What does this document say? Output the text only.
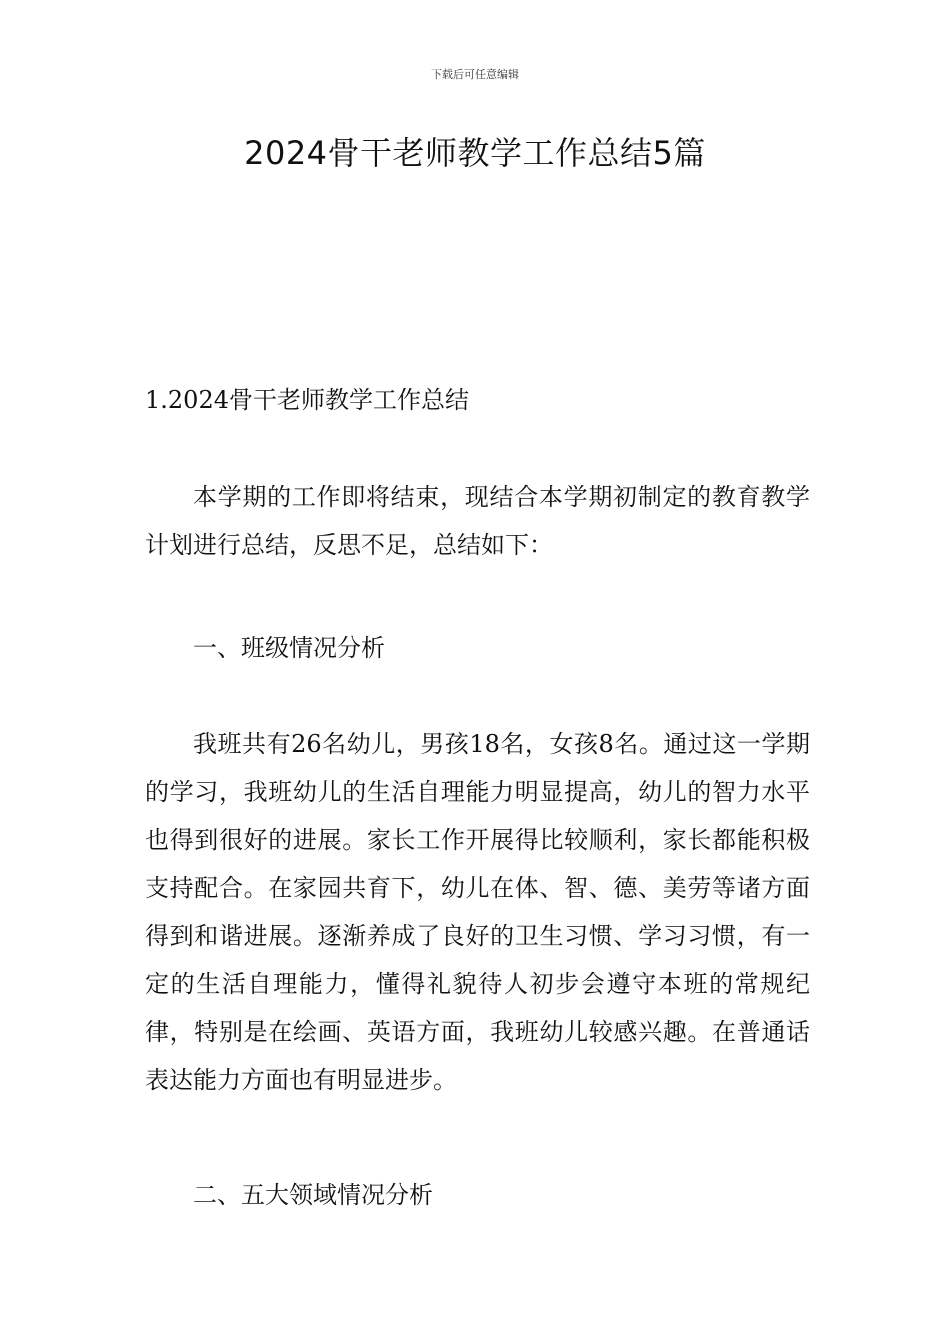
下载后可任意编辑
2024骨干老师教学工作总结5篇
1.2024骨干老师教学工作总结

本学期的工作即将结束，现结合本学期初制定的教育教学计划进行总结，反思不足，总结如下：

一、班级情况分析

我班共有26名幼儿，男孩18名，女孩8名。通过这一学期的学习，我班幼儿的生活自理能力明显提高，幼儿的智力水平也得到很好的进展。家长工作开展得比较顺利，家长都能积极支持配合。在家园共育下，幼儿在体、智、德、美劳等诸方面得到和谐进展。逐渐养成了良好的卫生习惯、学习习惯，有一定的生活自理能力，懂得礼貌待人初步会遵守本班的常规纪律，特别是在绘画、英语方面，我班幼儿较感兴趣。在普通话表达能力方面也有明显进步。

二、五大领域情况分析
